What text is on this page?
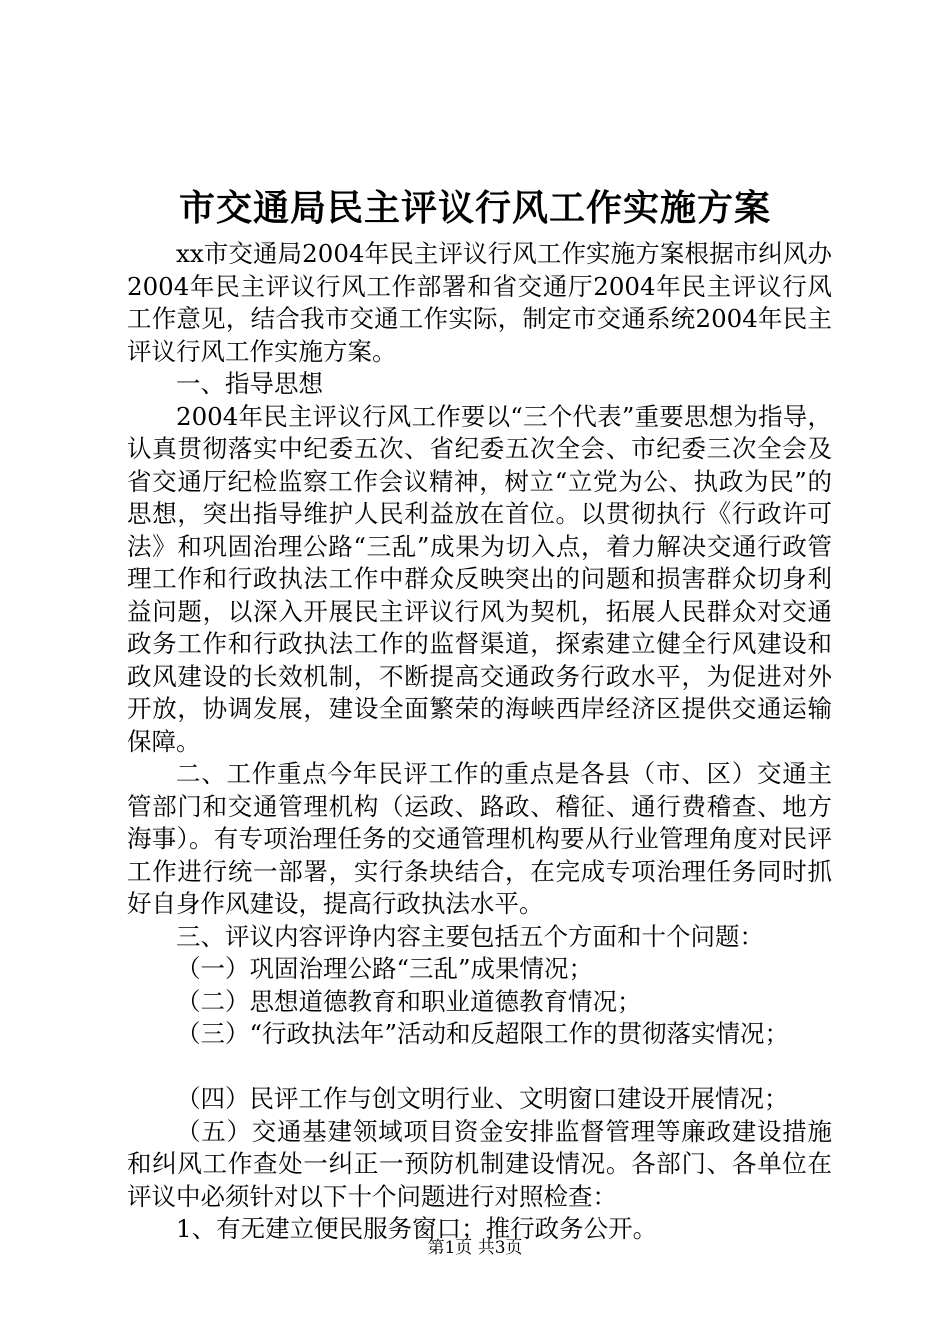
市交通局民主评议行风工作实施方案

xx市交通局2004年民主评议行风工作实施方案根据市纠风办2004年民主评议行风工作部署和省交通厅2004年民主评议行风工作意见，结合我市交通工作实际，制定市交通系统2004年民主评议行风工作实施方案。

一、指导思想

2004年民主评议行风工作要以“三个代表”重要思想为指导，认真贯彻落实中纪委五次、省纪委五次全会、市纪委三次全会及省交通厅纪检监察工作会议精神，树立“立党为公、执政为民”的思想，突出指导维护人民利益放在首位。以贯彻执行《行政许可法》和巩固治理公路“三乱”成果为切入点，着力解决交通行政管理工作和行政执法工作中群众反映突出的问题和损害群众切身利益问题，以深入开展民主评议行风为契机，拓展人民群众对交通政务工作和行政执法工作的监督渠道，探索建立健全行风建设和政风建设的长效机制，不断提高交通政务行政水平，为促进对外开放，协调发展，建设全面繁荣的海峡西岸经济区提供交通运输保障。

二、工作重点今年民评工作的重点是各县（市、区）交通主管部门和交通管理机构（运政、路政、稽征、通行费稽查、地方海事）。有专项治理任务的交通管理机构要从行业管理角度对民评工作进行统一部署，实行条块结合，在完成专项治理任务同时抓好自身作风建设，提高行政执法水平。

三、评议内容评诤内容主要包括五个方面和十个问题：

（一）巩固治理公路“三乱”成果情况；

（二）思想道德教育和职业道德教育情况；

（三）“行政执法年”活动和反超限工作的贯彻落实情况；

（四）民评工作与创文明行业、文明窗口建设开展情况；

（五）交通基建领域项目资金安排监督管理等廉政建设措施和纠风工作查处一纠正一预防机制建设情况。各部门、各单位在评议中必须针对以下十个问题进行对照检查：

1、有无建立便民服务窗口；推行政务公开。

第1页 共3页
